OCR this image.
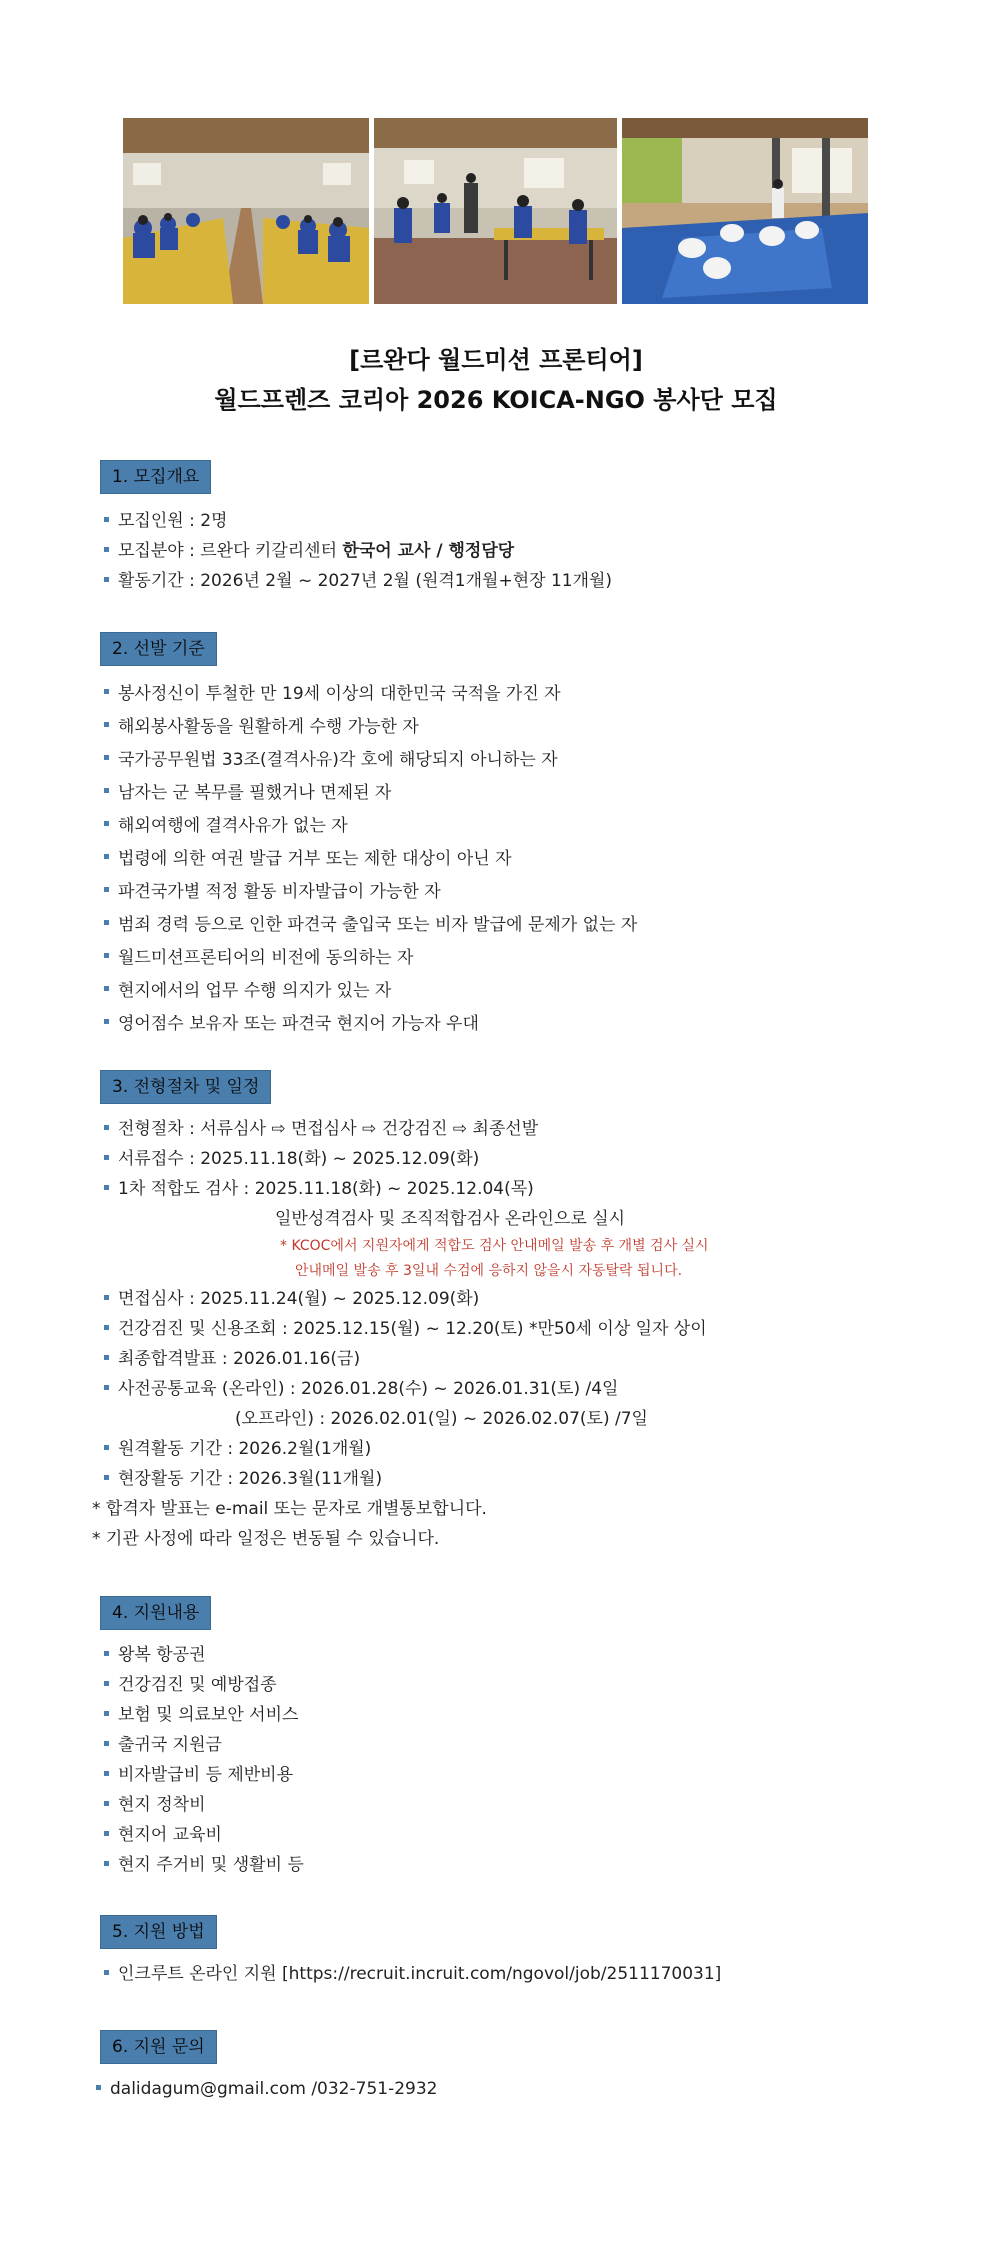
[르완다 월드미션 프론티어]
월드프렌즈 코리아 2026 KOICA-NGO 봉사단 모집
1. 모집개요
모집인원 : 2명
모집분야 : 르완다 키갈리센터 한국어 교사 / 행정담당
활동기간 : 2026년 2월 ~ 2027년 2월 (원격1개월+현장 11개월)
2. 선발 기준
봉사정신이 투철한 만 19세 이상의 대한민국 국적을 가진 자
해외봉사활동을 원활하게 수행 가능한 자
국가공무원법 33조(결격사유)각 호에 해당되지 아니하는 자
남자는 군 복무를 필했거나 면제된 자
해외여행에 결격사유가 없는 자
법령에 의한 여권 발급 거부 또는 제한 대상이 아닌 자
파견국가별 적정 활동 비자발급이 가능한 자
범죄 경력 등으로 인한 파견국 출입국 또는 비자 발급에 문제가 없는 자
월드미션프론티어의 비전에 동의하는 자
현지에서의 업무 수행 의지가 있는 자
영어점수 보유자 또는 파견국 현지어 가능자 우대
3. 전형절차 및 일정
전형절차 : 서류심사 ⇨ 면접심사 ⇨ 건강검진 ⇨ 최종선발
서류접수 : 2025.11.18(화) ~ 2025.12.09(화)
1차 적합도 검사 : 2025.11.18(화) ~ 2025.12.04(목)
일반성격검사 및 조직적합검사 온라인으로 실시
* KCOC에서 지원자에게 적합도 검사 안내메일 발송 후 개별 검사 실시
안내메일 발송 후 3일내 수검에 응하지 않을시 자동탈락 됩니다.
면접심사 : 2025.11.24(월) ~ 2025.12.09(화)
건강검진 및 신용조회 : 2025.12.15(월) ~ 12.20(토) *만50세 이상 일자 상이
최종합격발표 : 2026.01.16(금)
사전공통교육 (온라인) : 2026.01.28(수) ~ 2026.01.31(토) /4일
(오프라인) : 2026.02.01(일) ~ 2026.02.07(토) /7일
원격활동 기간 : 2026.2월(1개월)
현장활동 기간 : 2026.3월(11개월)
* 합격자 발표는 e-mail 또는 문자로 개별통보합니다.
* 기관 사정에 따라 일정은 변동될 수 있습니다.
4. 지원내용
왕복 항공권
건강검진 및 예방접종
보험 및 의료보안 서비스
출귀국 지원금
비자발급비 등 제반비용
현지 정착비
현지어 교육비
현지 주거비 및 생활비 등
5. 지원 방법
인크루트 온라인 지원 [https://recruit.incruit.com/ngovol/job/2511170031]
6. 지원 문의
dalidagum@gmail.com /032-751-2932
